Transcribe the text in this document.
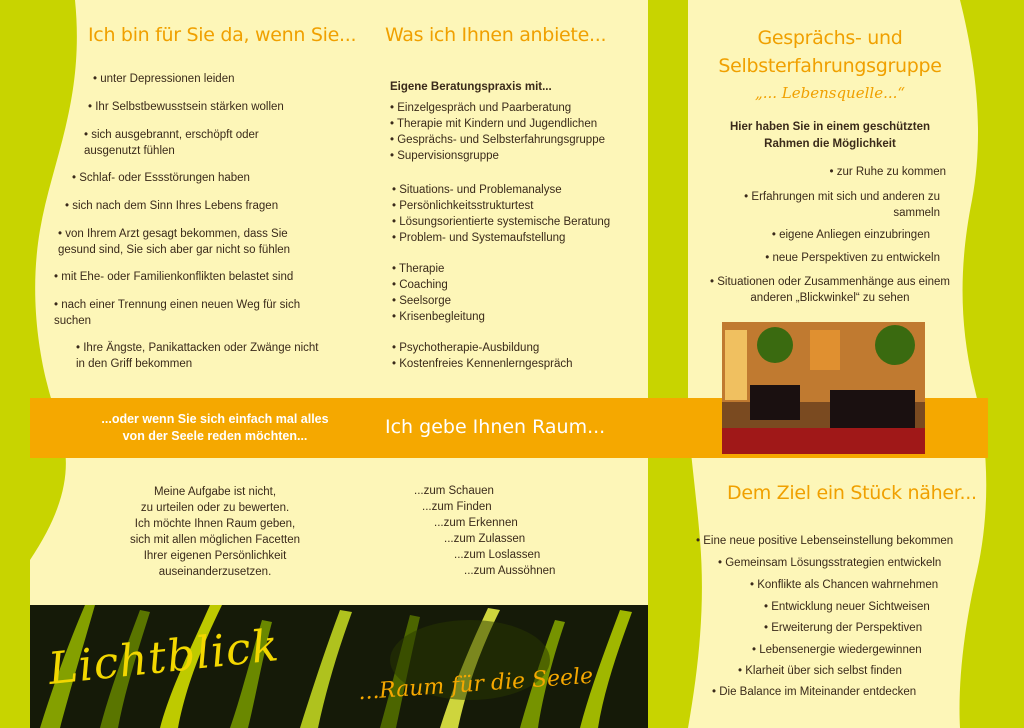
Ich bin für Sie da, wenn Sie...
• unter Depressionen leiden
• Ihr Selbstbewusstsein stärken wollen
• sich ausgebrannt, erschöpft oder ausgenutzt fühlen
• Schlaf- oder Essstörungen haben
• sich nach dem Sinn Ihres Lebens fragen
• von Ihrem Arzt gesagt bekommen, dass Sie gesund sind, Sie sich aber gar nicht so fühlen
• mit Ehe- oder Familienkonflikten belastet sind
• nach einer Trennung einen neuen Weg für sich suchen
• Ihre Ängste, Panikattacken oder Zwänge nicht in den Griff bekommen
...oder wenn Sie sich einfach mal alles
von der Seele reden möchten...
Meine Aufgabe ist nicht,
zu urteilen oder zu bewerten.
Ich möchte Ihnen Raum geben,
sich mit allen möglichen Facetten
Ihrer eigenen Persönlichkeit
auseinanderzusetzen.
Was ich Ihnen anbiete...
Eigene Beratungspraxis mit...
• Einzelgespräch und Paarberatung
• Therapie mit Kindern und Jugendlichen
• Gesprächs- und Selbsterfahrungsgruppe
• Supervisionsgruppe
• Situations- und Problemanalyse
• Persönlichkeitsstrukturtest
• Lösungsorientierte systemische Beratung
• Problem- und Systemaufstellung
• Therapie
• Coaching
• Seelsorge
• Krisenbegleitung
• Psychotherapie-Ausbildung
• Kostenfreies Kennenlerngespräch
Ich gebe Ihnen Raum...
...zum Schauen
...zum Finden
...zum Erkennen
...zum Zulassen
...zum Loslassen
...zum Aussöhnen
Lichtblick	...Raum für die Seele
Gesprächs- und
Selbsterfahrungsgruppe
„... Lebensquelle...“
Hier haben Sie in einem geschützten
Rahmen die Möglichkeit
• zur Ruhe zu kommen
• Erfahrungen mit sich und anderen zu sammeln
• eigene Anliegen einzubringen
• neue Perspektiven zu entwickeln
• Situationen oder Zusammenhänge aus einem anderen „Blickwinkel“ zu sehen
Dem Ziel ein Stück näher...
• Eine neue positive Lebenseinstellung bekommen
• Gemeinsam Lösungsstrategien entwickeln
• Konflikte als Chancen wahrnehmen
• Entwicklung neuer Sichtweisen
• Erweiterung der Perspektiven
• Lebensenergie wiedergewinnen
• Klarheit über sich selbst finden
• Die Balance im Miteinander entdecken
